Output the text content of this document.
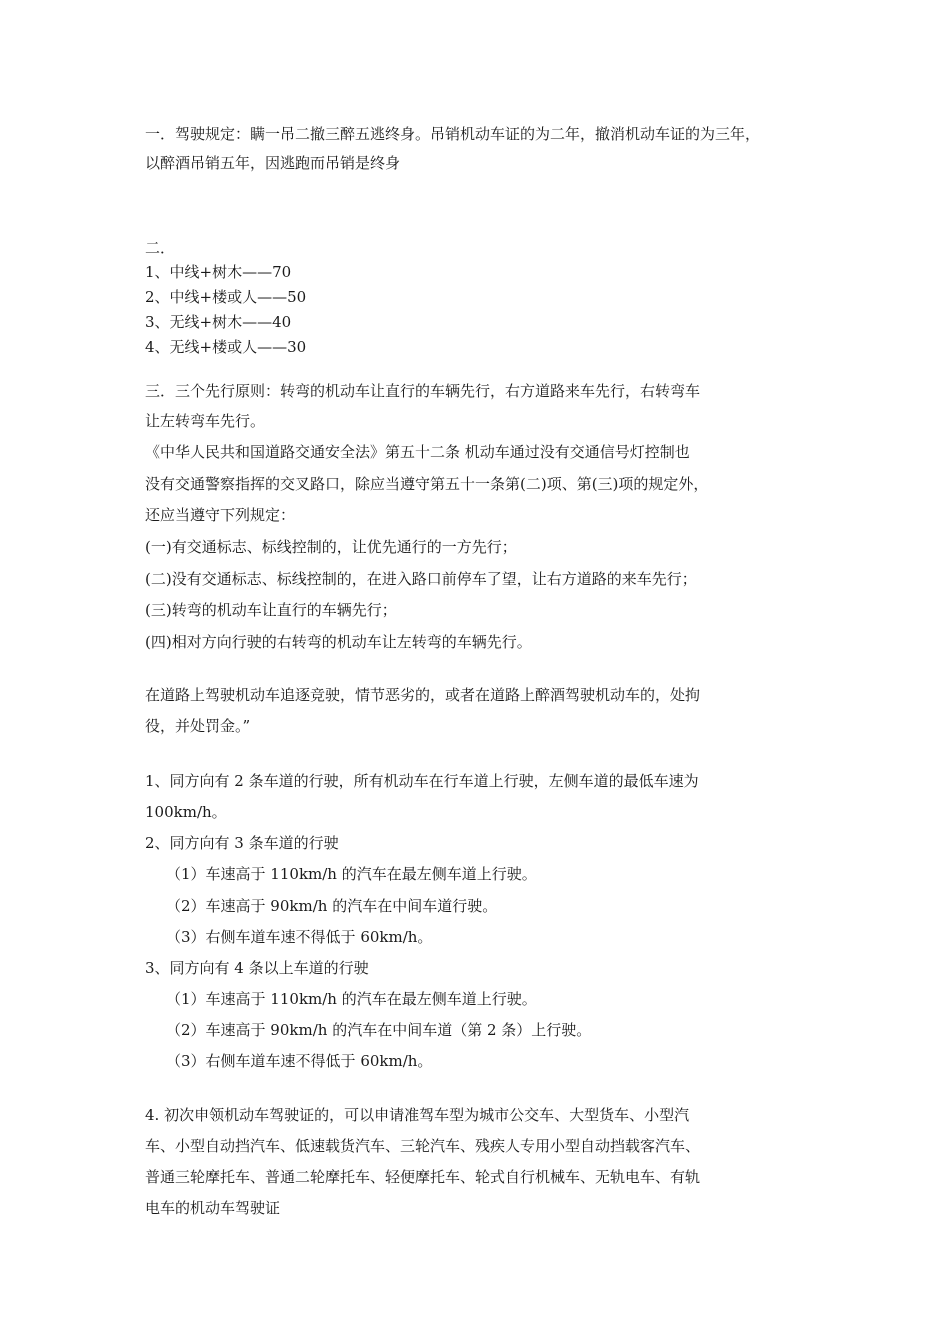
一．驾驶规定：瞒一吊二撤三醉五逃终身。吊销机动车证的为二年，撤消机动车证的为三年，
以醉酒吊销五年，因逃跑而吊销是终身
二．
1、中线+树木——70
2、中线+楼或人——50
3、无线+树木——40
4、无线+楼或人——30
三．三个先行原则：转弯的机动车让直行的车辆先行，右方道路来车先行，右转弯车
让左转弯车先行。
《中华人民共和国道路交通安全法》第五十二条 机动车通过没有交通信号灯控制也
没有交通警察指挥的交叉路口，除应当遵守第五十一条第(二)项、第(三)项的规定外，
还应当遵守下列规定：
(一)有交通标志、标线控制的，让优先通行的一方先行；
(二)没有交通标志、标线控制的，在进入路口前停车了望，让右方道路的来车先行；
(三)转弯的机动车让直行的车辆先行；
(四)相对方向行驶的右转弯的机动车让左转弯的车辆先行。
在道路上驾驶机动车追逐竞驶，情节恶劣的，或者在道路上醉酒驾驶机动车的，处拘
役，并处罚金。”
1、同方向有 2 条车道的行驶，所有机动车在行车道上行驶，左侧车道的最低车速为
100km/h。
2、同方向有 3 条车道的行驶
（1）车速高于 110km/h 的汽车在最左侧车道上行驶。
（2）车速高于 90km/h 的汽车在中间车道行驶。
（3）右侧车道车速不得低于 60km/h。
3、同方向有 4 条以上车道的行驶
（1）车速高于 110km/h 的汽车在最左侧车道上行驶。
（2）车速高于 90km/h 的汽车在中间车道（第 2 条）上行驶。
（3）右侧车道车速不得低于 60km/h。
4. 初次申领机动车驾驶证的，可以申请准驾车型为城市公交车、大型货车、小型汽
车、小型自动挡汽车、低速载货汽车、三轮汽车、残疾人专用小型自动挡载客汽车、
普通三轮摩托车、普通二轮摩托车、轻便摩托车、轮式自行机械车、无轨电车、有轨
电车的机动车驾驶证
